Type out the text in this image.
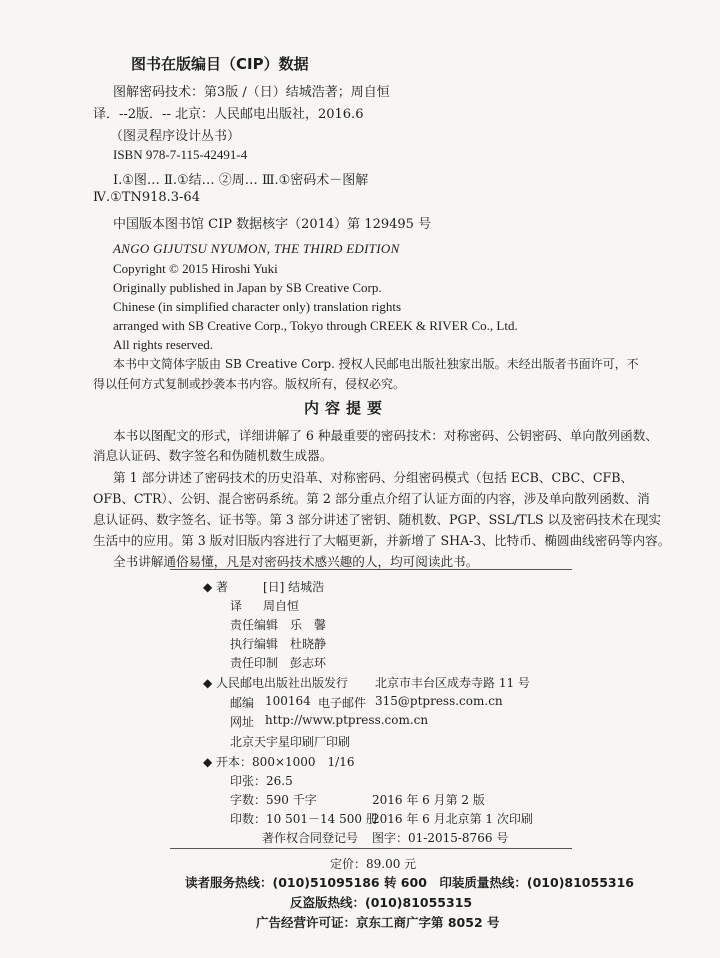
图书在版编目（CIP）数据
图解密码技术：第3版 /（日）结城浩著；周自恒
译．--2版．-- 北京：人民邮电出版社，2016.6
（图灵程序设计丛书）
ISBN 978-7-115-42491-4
Ⅰ.①图… Ⅱ.①结… ②周… Ⅲ.①密码术－图解
Ⅳ.①TN918.3-64
中国版本图书馆 CIP 数据核字（2014）第 129495 号
ANGO GIJUTSU NYUMON, THE THIRD EDITION
Copyright © 2015 Hiroshi Yuki
Originally published in Japan by SB Creative Corp.
Chinese (in simplified character only) translation rights
arranged with SB Creative Corp., Tokyo through CREEK & RIVER Co., Ltd.
All rights reserved.
本书中文简体字版由 SB Creative Corp. 授权人民邮电出版社独家出版。未经出版者书面许可，不
得以任何方式复制或抄袭本书内容。版权所有，侵权必究。
内容提要
本书以图配文的形式，详细讲解了 6 种最重要的密码技术：对称密码、公钥密码、单向散列函数、
消息认证码、数字签名和伪随机数生成器。
第 1 部分讲述了密码技术的历史沿革、对称密码、分组密码模式（包括 ECB、CBC、CFB、
OFB、CTR）、公钥、混合密码系统。第 2 部分重点介绍了认证方面的内容，涉及单向散列函数、消
息认证码、数字签名、证书等。第 3 部分讲述了密钥、随机数、PGP、SSL/TLS 以及密码技术在现实
生活中的应用。第 3 版对旧版内容进行了大幅更新，并新增了 SHA-3、比特币、椭圆曲线密码等内容。
全书讲解通俗易懂，凡是对密码技术感兴趣的人，均可阅读此书。
◆ 著	[日] 结城浩
译 周自恒
责任编辑 乐　馨
执行编辑 杜晓静
责任印制 彭志环
◆ 人民邮电出版社出版发行 北京市丰台区成寿寺路 11 号
邮编 100164 电子邮件 315@ptpress.com.cn
网址 http://www.ptpress.com.cn
北京天宇星印刷厂印刷
◆ 开本：800×1000　1/16
印张：26.5
字数：590 千字	2016 年 6 月第 2 版
印数：10 501－14 500 册
2016 年 6 月北京第 1 次印刷
著作权合同登记号 图字：01-2015-8766 号
定价：89.00 元
读者服务热线：(010)51095186 转 600　印装质量热线：(010)81055316
反盗版热线：(010)81055315
广告经营许可证：京东工商广字第 8052 号
